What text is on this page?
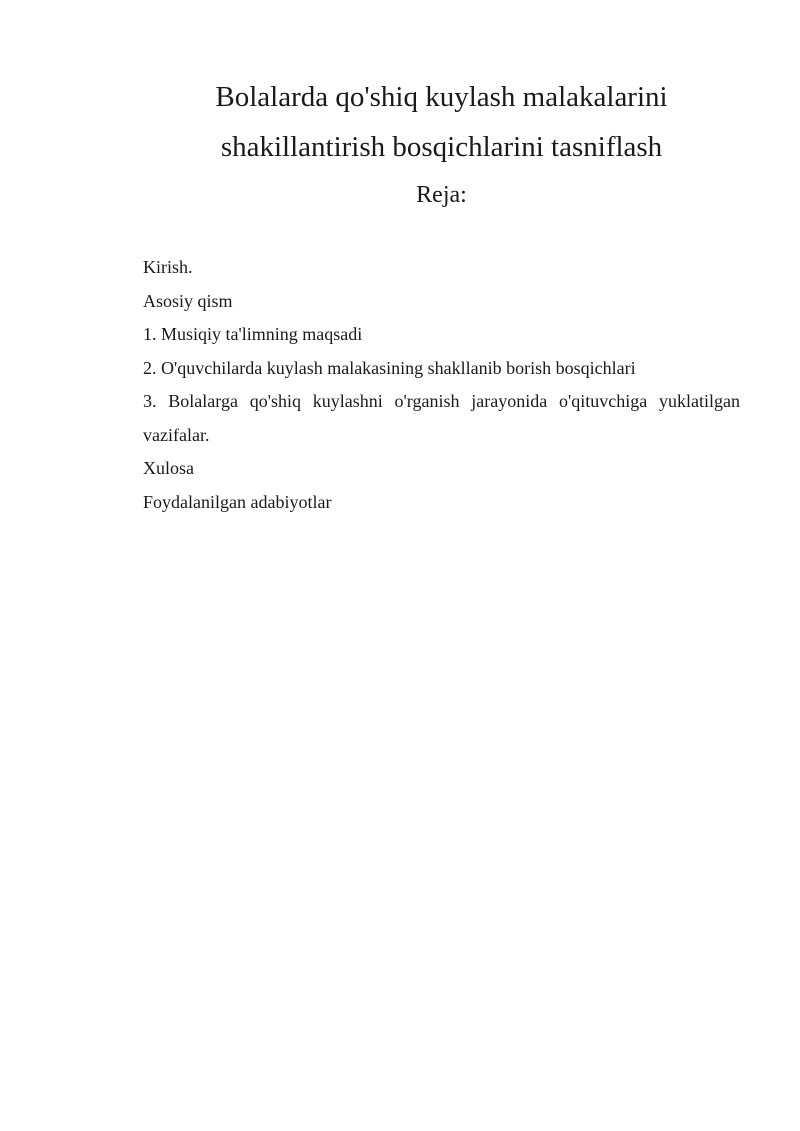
Bolalarda qo'shiq kuylash malakalarini
shakillantirish bosqichlarini tasniflash
Reja:
Kirish.
Asosiy qism
1. Musiqiy ta'limning maqsadi
2. O'quvchilarda kuylash malakasining shakllanib borish bosqichlari
3. Bolalarga qo'shiq kuylashni o'rganish jarayonida o'qituvchiga yuklatilgan vazifalar.
Xulosa
Foydalanilgan adabiyotlar
